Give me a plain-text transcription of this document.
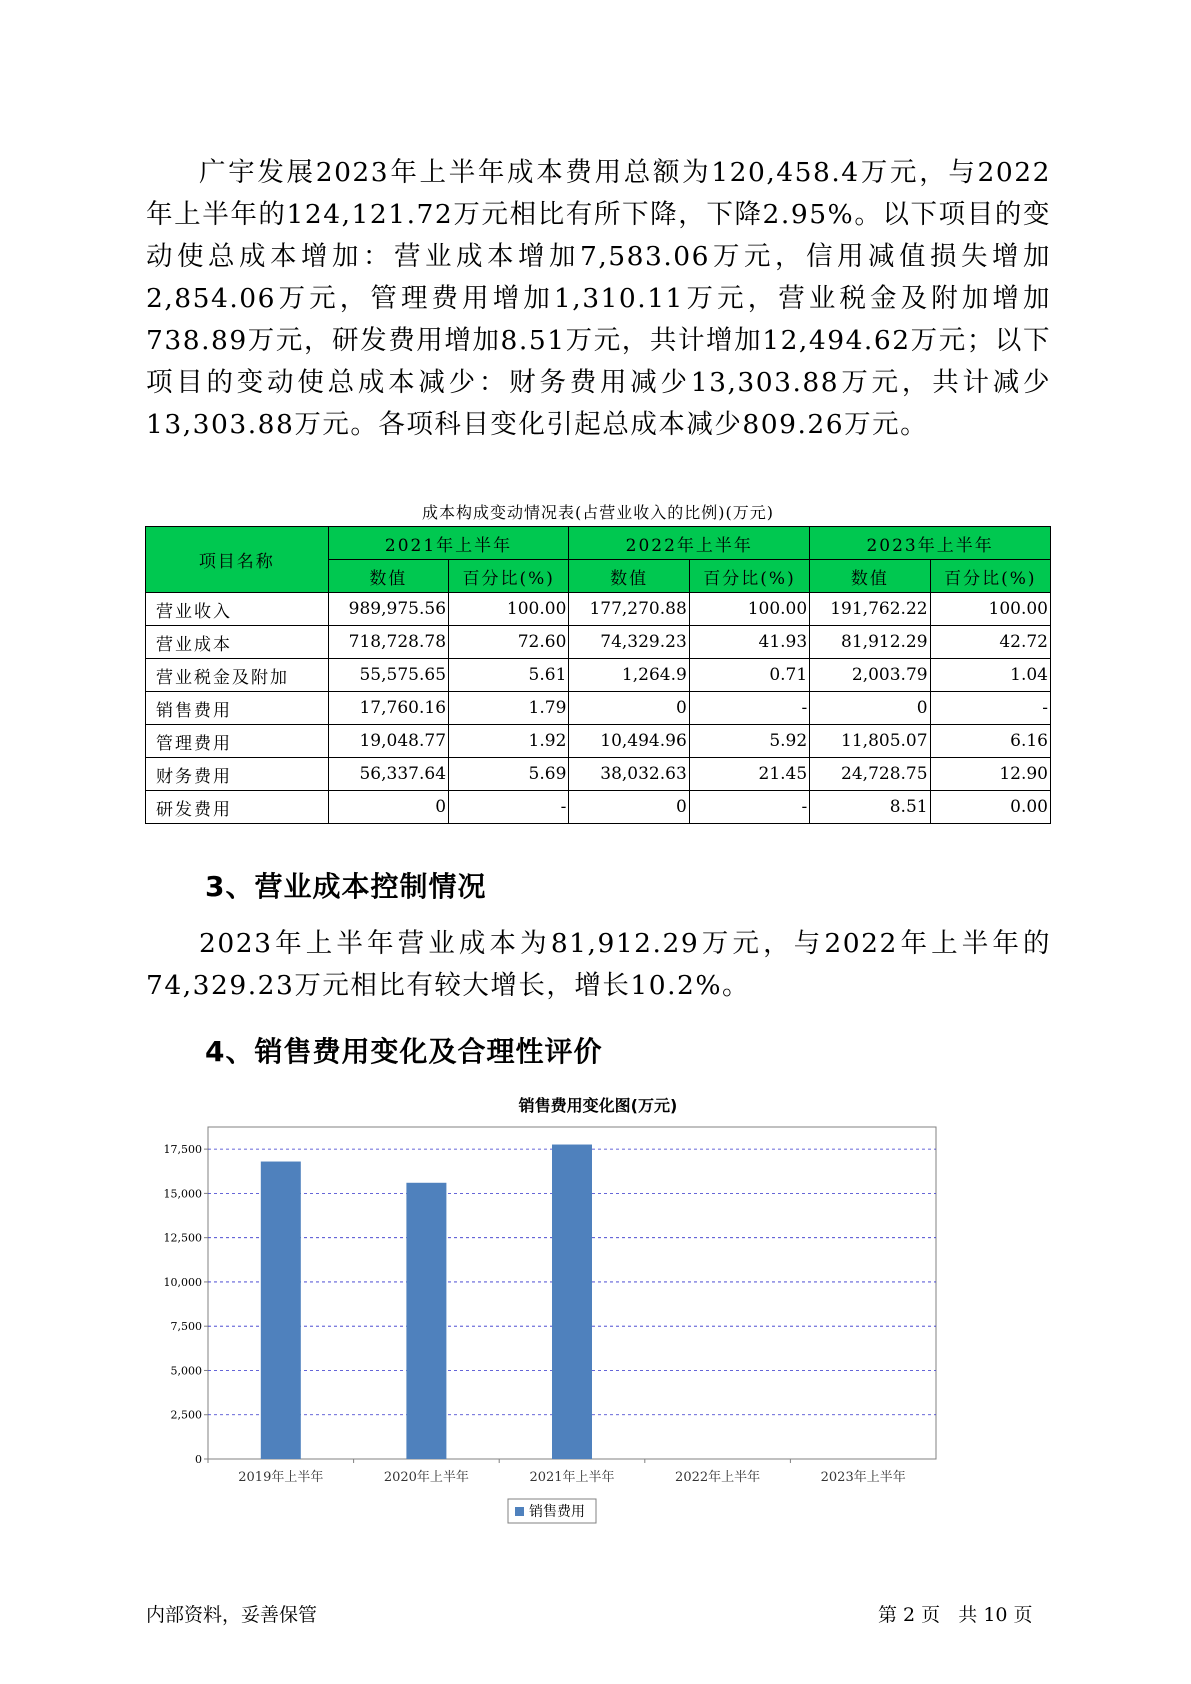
广宇发展2023年上半年成本费用总额为120,458.4万元，与2022年上半年的124,121.72万元相比有所下降，下降2.95%。以下项目的变动使总成本增加：营业成本增加7,583.06万元，信用减值损失增加2,854.06万元，管理费用增加1,310.11万元，营业税金及附加增加738.89万元，研发费用增加8.51万元，共计增加12,494.62万元；以下项目的变动使总成本减少：财务费用减少13,303.88万元，共计减少13,303.88万元。各项科目变化引起总成本减少809.26万元。

成本构成变动情况表(占营业收入的比例)(万元)
项目名称	2021年上半年		2022年上半年		2023年上半年	
	数值	百分比(%)	数值	百分比(%)	数值	百分比(%)
营业收入	989,975.56	100.00	177,270.88	100.00	191,762.22	100.00
营业成本	718,728.78	72.60	74,329.23	41.93	81,912.29	42.72
营业税金及附加	55,575.65	5.61	1,264.9	0.71	2,003.79	1.04
销售费用	17,760.16	1.79	0	-	0	-
管理费用	19,048.77	1.92	10,494.96	5.92	11,805.07	6.16
财务费用	56,337.64	5.69	38,032.63	21.45	24,728.75	12.90
研发费用	0	-	0	-	8.51	0.00
3、营业成本控制情况

2023年上半年营业成本为81,912.29万元，与2022年上半年的74,329.23万元相比有较大增长，增长10.2%。

4、销售费用变化及合理性评价
销售费用变化图(万元)
0
2,500
5,000
7,500
10,000
12,500
15,000
17,500
2019年上半年	2020年上半年	2021年上半年	2022年上半年	2023年上半年
销售费用
内部资料，妥善保管	第 2 页   共 10 页
